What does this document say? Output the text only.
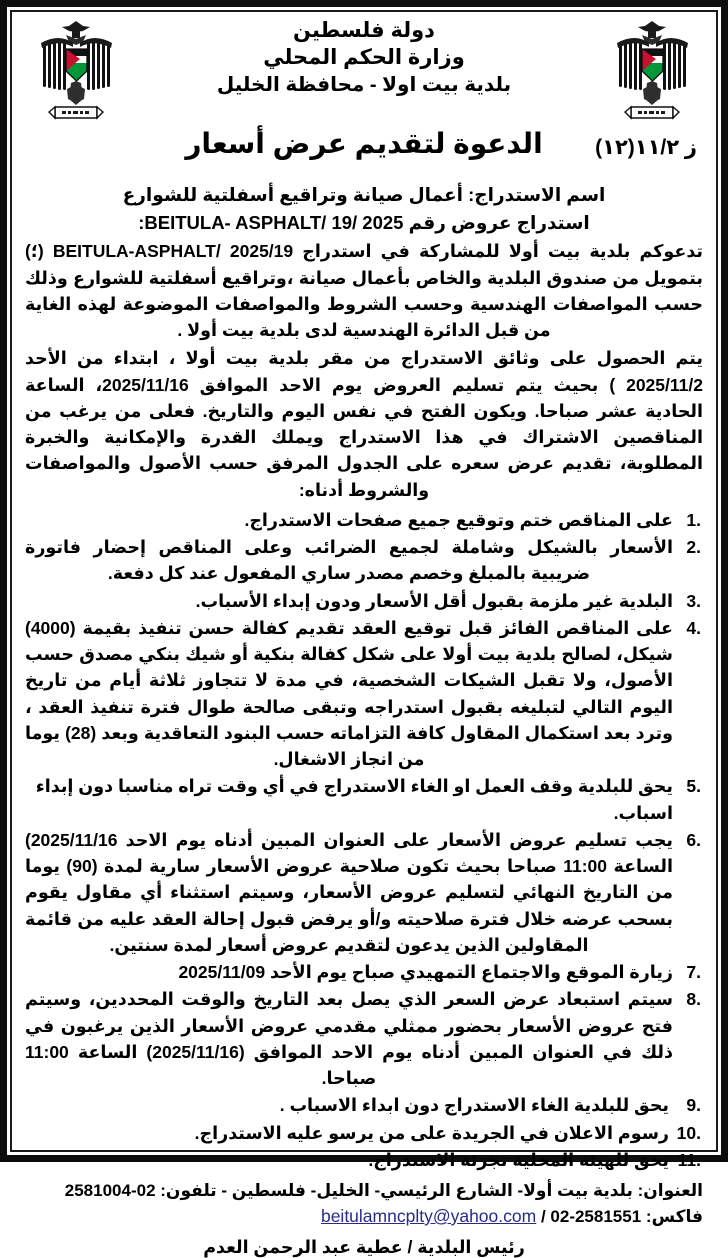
دولة فلسطين
وزارة الحكم المحلي
بلدية بيت اولا - محافظة الخليل
ز ١١/٢(١٢)
الدعوة لتقديم عرض أسعار
اسم الاستدراج: أعمال صيانة وتراقيع أسفلتية للشوارع
استدراج عروض رقم 2025 /19 /BEITULA- ASPHALT:

تدعوكم بلدية بيت أولا للمشاركة في استدراج 2025/19 /BEITULA-ASPHALT (؛) بتمويل من صندوق البلدية والخاص بأعمال صيانة ،وتراقيع أسفلتية للشوارع وذلك حسب المواصفات الهندسية وحسب الشروط والمواصفات الموضوعة لهذه الغاية من قبل الدائرة الهندسية لدى بلدية بيت أولا .

يتم الحصول على وثائق الاستدراج من مقر بلدية بيت أولا ، ابتداء من الأحد 2025/11/2 ) بحيث يتم تسليم العروض يوم الاحد الموافق 2025/11/16، الساعة الحادية عشر صباحا. ويكون الفتح في نفس اليوم والتاريخ. فعلى من يرغب من المناقصين الاشتراك في هذا الاستدراج ويملك القدرة والإمكانية والخبرة المطلوبة، تقديم عرض سعره على الجدول المرفق حسب الأصول والمواصفات والشروط أدناه:

على المناقص ختم وتوقيع جميع صفحات الاستدراج.
الأسعار بالشيكل وشاملة لجميع الضرائب وعلى المناقص إحضار فاتورة ضريبية بالمبلغ وخصم مصدر ساري المفعول عند كل دفعة.
البلدية غير ملزمة بقبول أقل الأسعار ودون إبداء الأسباب.
على المناقص الفائز قبل توقيع العقد تقديم كفالة حسن تنفيذ بقيمة (4000) شيكل، لصالح بلدية بيت أولا على شكل كفالة بنكية أو شيك بنكي مصدق حسب الأصول، ولا تقبل الشيكات الشخصية، في مدة لا تتجاوز ثلاثة أيام من تاريخ اليوم التالي لتبليغه بقبول استدراجه وتبقى صالحة طوال فترة تنفيذ العقد ، وترد بعد استكمال المقاول كافة التزاماته حسب البنود التعاقدية وبعد (28) يوما من انجاز الاشغال.
يحق للبلدية وقف العمل او الغاء الاستدراج في أي وقت تراه مناسبا دون إبداء اسباب.
يجب تسليم عروض الأسعار على العنوان المبين أدناه يوم الاحد 2025/11/16) الساعة 11:00 صباحا بحيث تكون صلاحية عروض الأسعار سارية لمدة (90) يوما من التاريخ النهائي لتسليم عروض الأسعار، وسيتم استثناء أي مقاول يقوم بسحب عرضه خلال فترة صلاحيته و/أو يرفض قبول إحالة العقد عليه من قائمة المقاولين الذين يدعون لتقديم عروض أسعار لمدة سنتين.
زيارة الموقع والاجتماع التمهيدي صباح يوم الأحد 2025/11/09
سيتم استبعاد عرض السعر الذي يصل بعد التاريخ والوقت المحددين، وسيتم فتح عروض الأسعار بحضور ممثلي مقدمي عروض الأسعار الذين يرغبون في ذلك في العنوان المبين أدناه يوم الاحد الموافق (2025/11/16) الساعة 11:00 صباحا.
يحق للبلدية الغاء الاستدراج دون ابداء الاسباب .
رسوم الاعلان في الجريدة على من يرسو عليه الاستدراج.
يحق للهيئة المحلية تجزئة الاستدراج.
العنوان: بلدية بيت أولا- الشارع الرئيسي- الخليل- فلسطين - تلفون: 02-2581004
فاكس: 02-2581551 / beitulamncplty@yahoo.com
رئيس البلدية / عطية عبد الرحمن العدم
